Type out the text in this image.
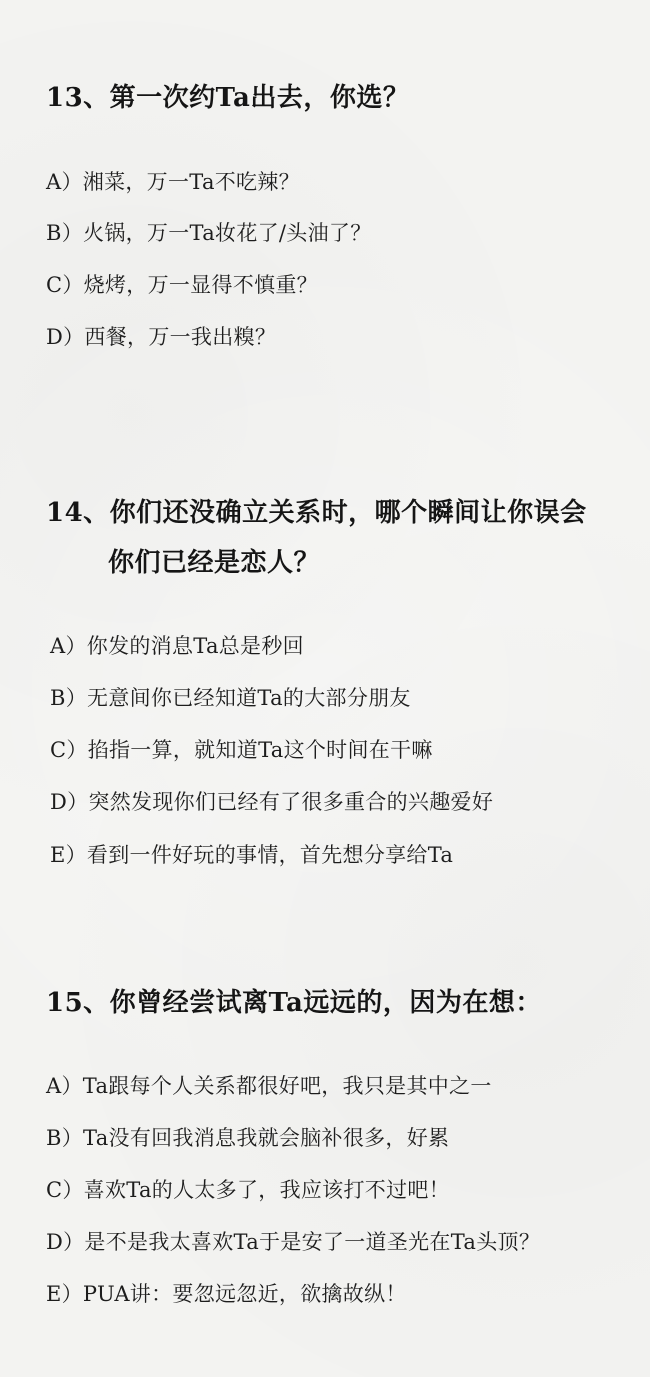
13、第一次约Ta出去，你选？
A）湘菜，万一Ta不吃辣？
B）火锅，万一Ta妆花了/头油了？
C）烧烤，万一显得不慎重？
D）西餐，万一我出糗？
14、你们还没确立关系时，哪个瞬间让你误会
你们已经是恋人？
A）你发的消息Ta总是秒回
B）无意间你已经知道Ta的大部分朋友
C）掐指一算，就知道Ta这个时间在干嘛
D）突然发现你们已经有了很多重合的兴趣爱好
E）看到一件好玩的事情，首先想分享给Ta
15、你曾经尝试离Ta远远的，因为在想：
A）Ta跟每个人关系都很好吧，我只是其中之一
B）Ta没有回我消息我就会脑补很多，好累
C）喜欢Ta的人太多了，我应该打不过吧！
D）是不是我太喜欢Ta于是安了一道圣光在Ta头顶？
E）PUA讲：要忽远忽近，欲擒故纵！
